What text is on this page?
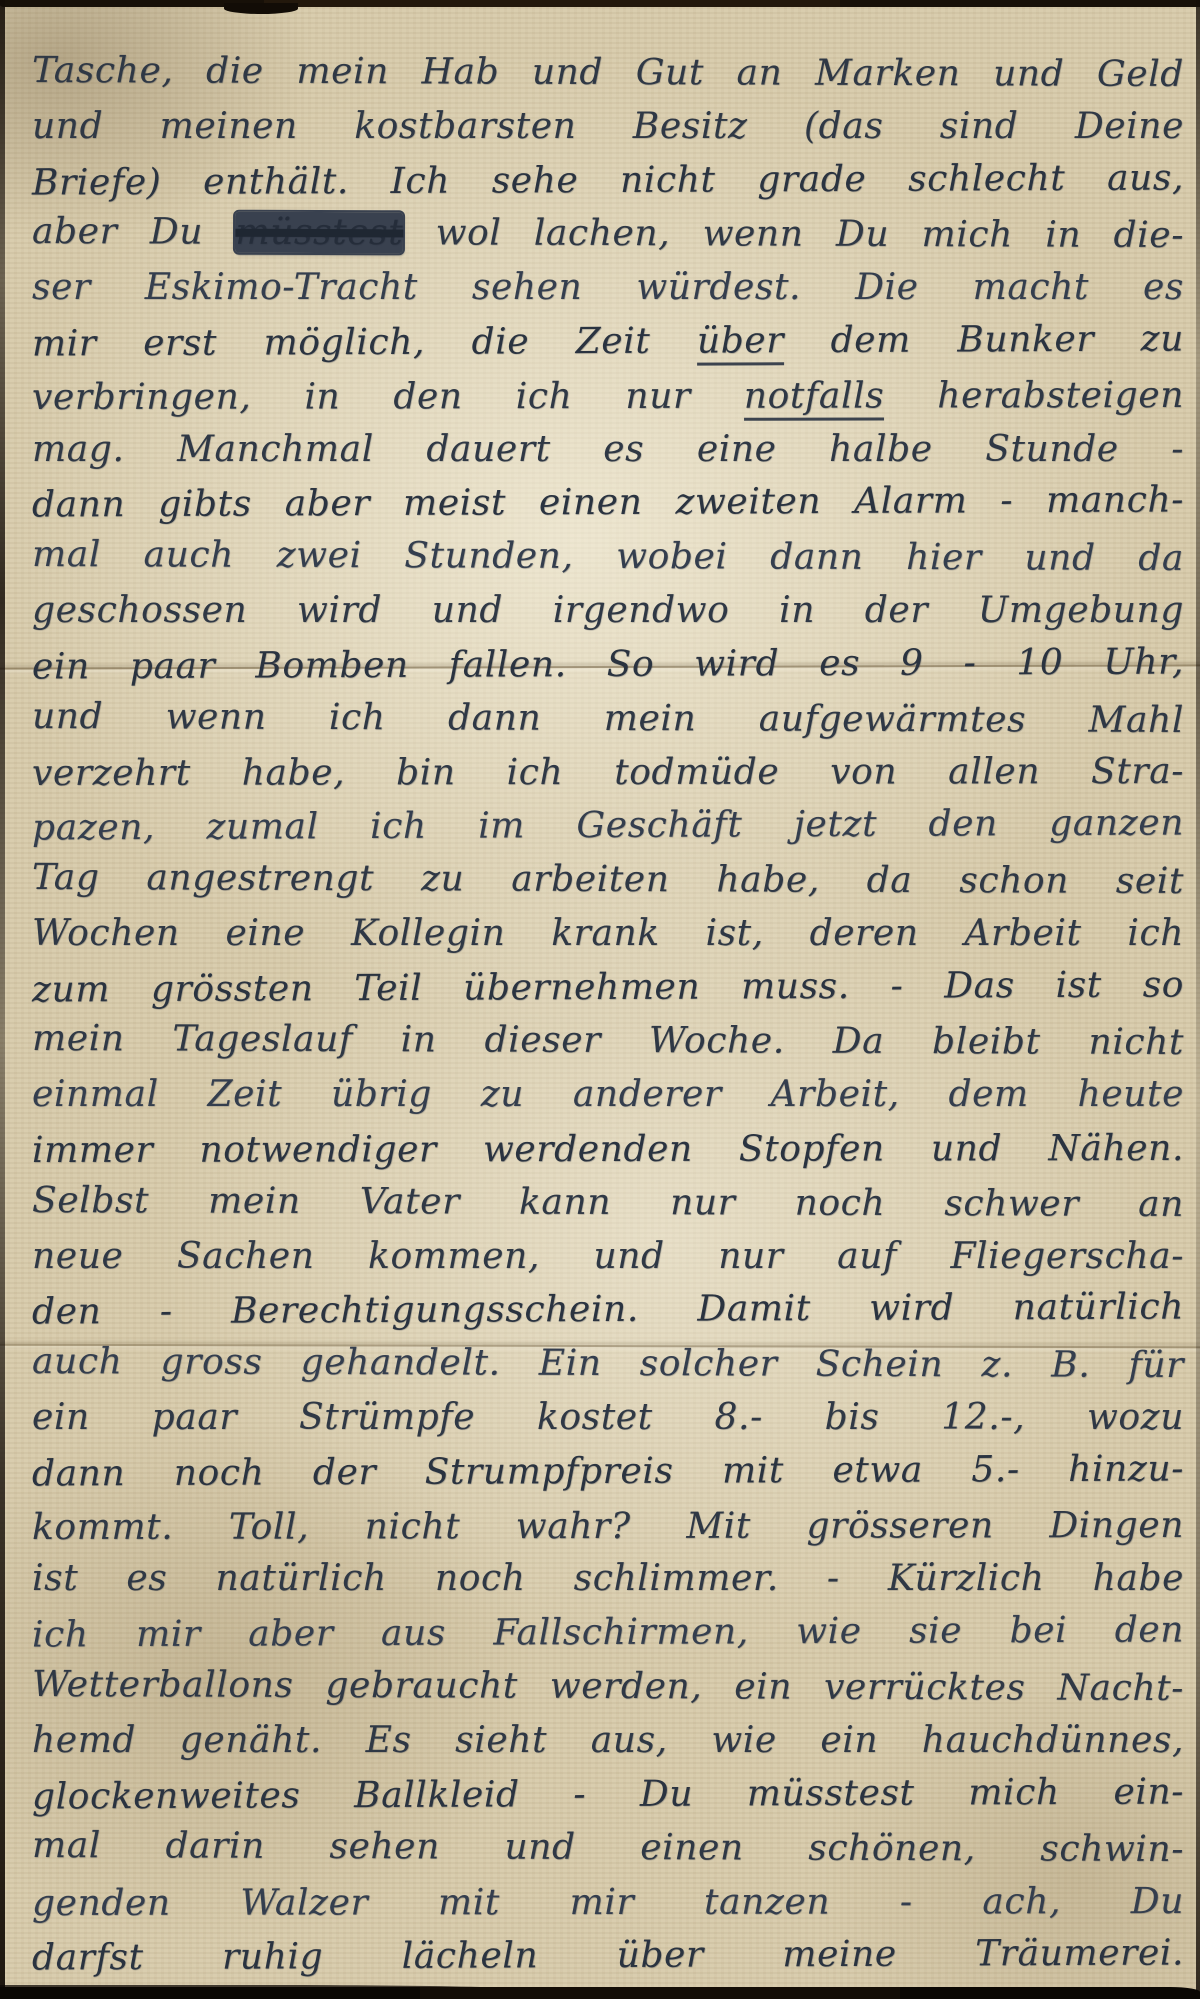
Tasche, die mein Hab und Gut an Marken und Geld
und meinen kostbarsten Besitz (das sind Deine
Briefe) enthält. Ich sehe nicht grade schlecht aus,
aber Du müsstest wol lachen, wenn Du mich in die-
ser Eskimo-Tracht sehen würdest. Die macht es
mir erst möglich, die Zeit über dem Bunker zu
verbringen, in den ich nur notfalls herabsteigen
mag. Manchmal dauert es eine halbe Stunde -
dann gibts aber meist einen zweiten Alarm - manch-
mal auch zwei Stunden, wobei dann hier und da
geschossen wird und irgendwo in der Umgebung
ein paar Bomben fallen. So wird es 9 - 10 Uhr,
und wenn ich dann mein aufgewärmtes Mahl
verzehrt habe, bin ich todmüde von allen Stra-
pazen, zumal ich im Geschäft jetzt den ganzen
Tag angestrengt zu arbeiten habe, da schon seit
Wochen eine Kollegin krank ist, deren Arbeit ich
zum grössten Teil übernehmen muss. - Das ist so
mein Tageslauf in dieser Woche. Da bleibt nicht
einmal Zeit übrig zu anderer Arbeit, dem heute
immer notwendiger werdenden Stopfen und Nähen.
Selbst mein Vater kann nur noch schwer an
neue Sachen kommen, und nur auf Fliegerscha-
den - Berechtigungsschein. Damit wird natürlich
auch gross gehandelt. Ein solcher Schein z. B. für
ein paar Strümpfe kostet 8.- bis 12.-, wozu
dann noch der Strumpfpreis mit etwa 5.- hinzu-
kommt. Toll, nicht wahr? Mit grösseren Dingen
ist es natürlich noch schlimmer. - Kürzlich habe
ich mir aber aus Fallschirmen, wie sie bei den
Wetterballons gebraucht werden, ein verrücktes Nacht-
hemd genäht. Es sieht aus, wie ein hauchdünnes,
glockenweites Ballkleid - Du müsstest mich ein-
mal darin sehen und einen schönen, schwin-
genden Walzer mit mir tanzen - ach, Du
darfst ruhig lächeln über meine Träumerei.
